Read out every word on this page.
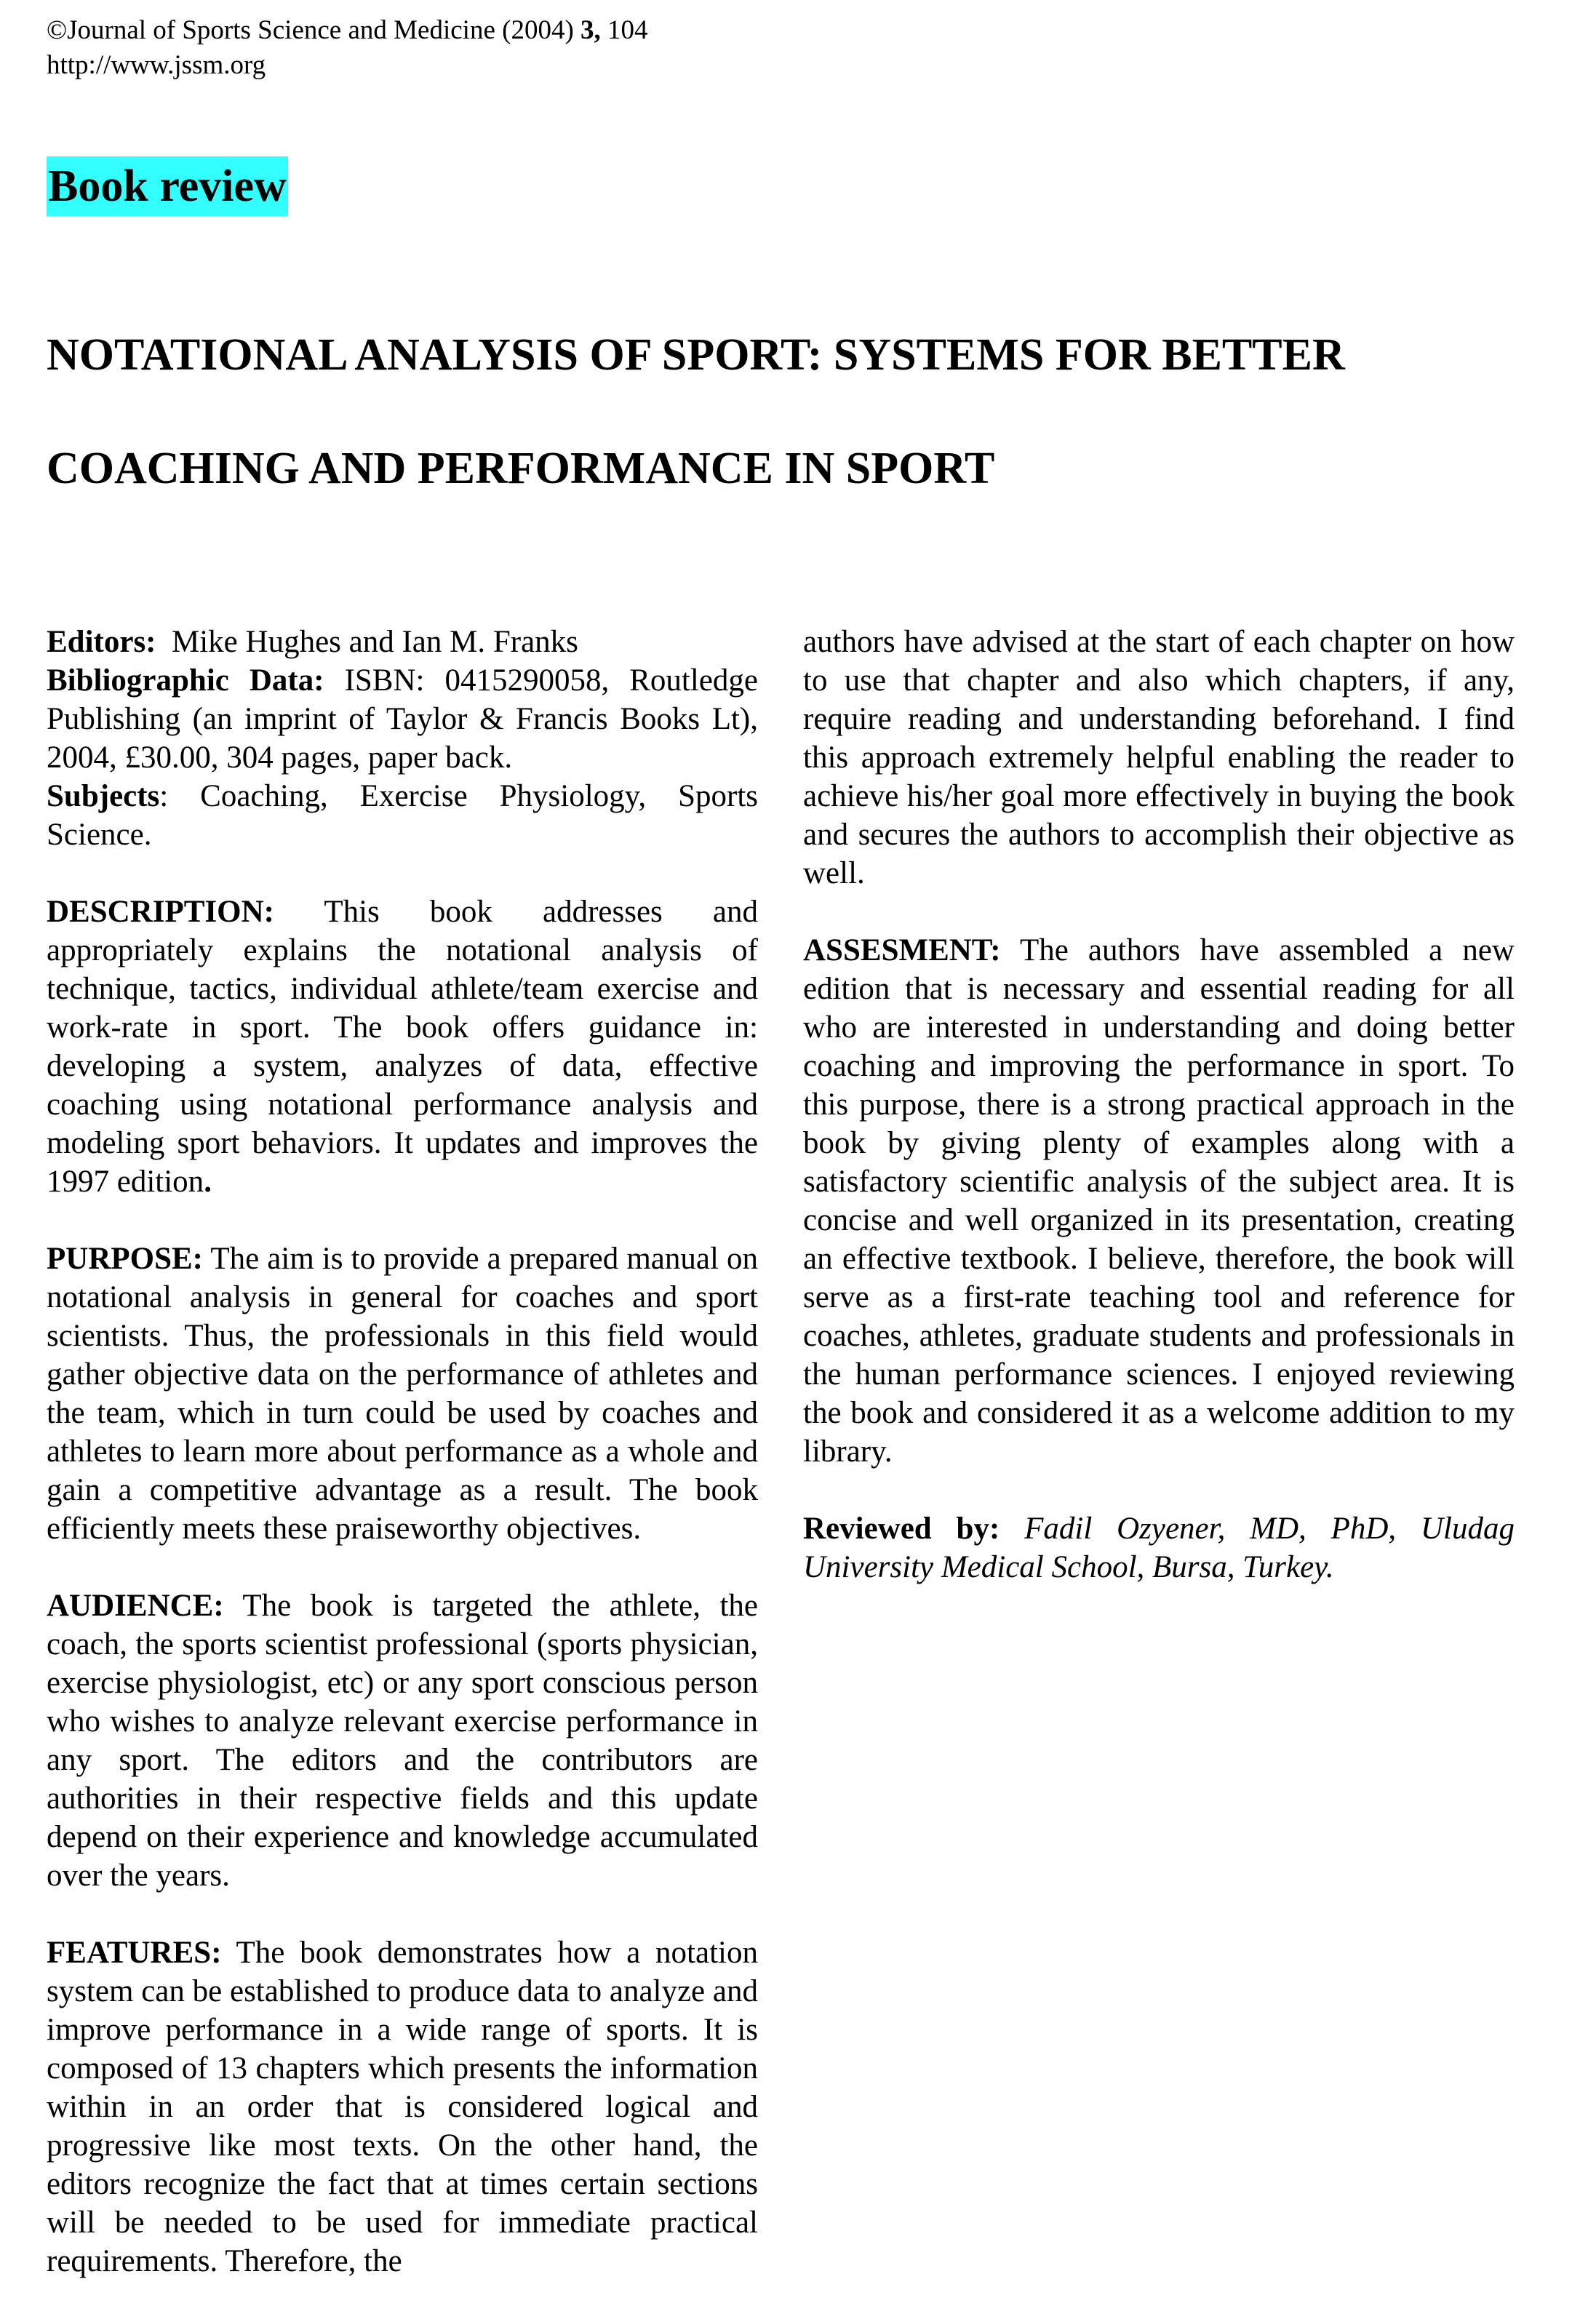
©Journal of Sports Science and Medicine (2004) 3, 104
http://www.jssm.org
Book review
NOTATIONAL ANALYSIS OF SPORT: SYSTEMS FOR BETTER
COACHING AND PERFORMANCE IN SPORT

Editors: Mike Hughes and Ian M. Franks

Bibliographic Data: ISBN: 0415290058, Routledge Publishing (an imprint of Taylor & Francis Books Lt), 2004, £30.00, 304 pages, paper back.

Subjects: Coaching, Exercise Physiology, Sports Science.

DESCRIPTION: This book addresses and appropriately explains the notational analysis of technique, tactics, individual athlete/team exercise and work-rate in sport. The book offers guidance in: developing a system, analyzes of data, effective coaching using notational performance analysis and modeling sport behaviors. It updates and improves the 1997 edition.

PURPOSE: The aim is to provide a prepared manual on notational analysis in general for coaches and sport scientists. Thus, the professionals in this field would gather objective data on the performance of athletes and the team, which in turn could be used by coaches and athletes to learn more about performance as a whole and gain a competitive advantage as a result. The book efficiently meets these praiseworthy objectives.

AUDIENCE: The book is targeted the athlete, the coach, the sports scientist professional (sports physician, exercise physiologist, etc) or any sport conscious person who wishes to analyze relevant exercise performance in any sport. The editors and the contributors are authorities in their respective fields and this update depend on their experience and knowledge accumulated over the years.

FEATURES: The book demonstrates how a notation system can be established to produce data to analyze and improve performance in a wide range of sports. It is composed of 13 chapters which presents the information within in an order that is considered logical and progressive like most texts. On the other hand, the editors recognize the fact that at times certain sections will be needed to be used for immediate practical requirements. Therefore, the

authors have advised at the start of each chapter on how to use that chapter and also which chapters, if any, require reading and understanding beforehand. I find this approach extremely helpful enabling the reader to achieve his/her goal more effectively in buying the book and secures the authors to accomplish their objective as well.

ASSESMENT: The authors have assembled a new edition that is necessary and essential reading for all who are interested in understanding and doing better coaching and improving the performance in sport. To this purpose, there is a strong practical approach in the book by giving plenty of examples along with a satisfactory scientific analysis of the subject area. It is concise and well organized in its presentation, creating an effective textbook. I believe, therefore, the book will serve as a first-rate teaching tool and reference for coaches, athletes, graduate students and professionals in the human performance sciences. I enjoyed reviewing the book and considered it as a welcome addition to my library.

Reviewed by: Fadil Ozyener, MD, PhD, Uludag University Medical School, Bursa, Turkey.
